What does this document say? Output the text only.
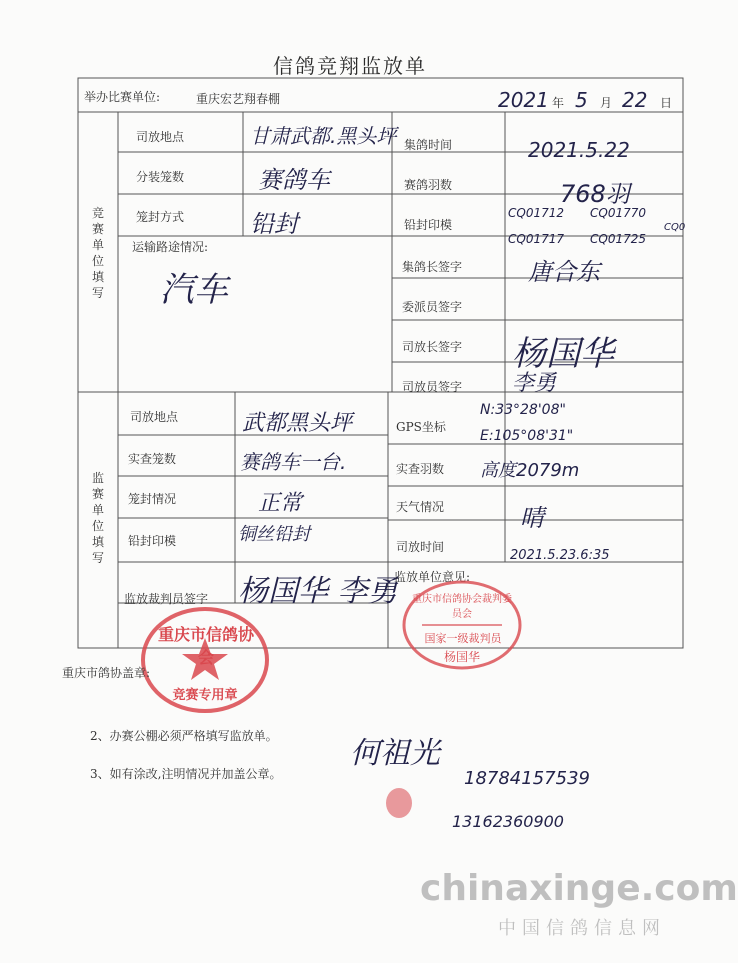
信鸽竞翔监放单
举办比赛单位:	重庆宏艺翔春棚	2021 年 5 月 22 日
竞赛单位填写
司放地点	甘肃武都.黑头坪 集鸽时间	2021.5.22
分装笼数	赛鸽车	赛鸽羽数	768羽
笼封方式	铅封	铅封印模
CQ01712 CQ01770
CQ01717 CQ01725
CQ0
运输路途情况:
汽车
集鸽长签字	唐合东
委派员签字
司放长签字 杨国华
司放员签字 李勇
监赛单位填写
司放地点	武都黑头坪	GPS坐标
N:33°28'08"
E:105°08'31"
实查笼数	赛鸽车一台.	实查羽数 高度2079m
笼封情况	正常	天气情况	晴
铅封印模	铜丝铅封
司放时间
2021.5.23.6:35
监放裁判员签字 杨国华 李勇
监放单位意见:
重庆市信鸽协会
竞赛专用章
重庆市信鸽协会裁判委员会
国家一级裁判员
杨国华
重庆市鸽协盖章:
2、办赛公棚必须严格填写监放单。
3、如有涂改,注明情况并加盖公章。
何祖光
18784157539
13162360900
chinaxinge.com
中国信鸽信息网
